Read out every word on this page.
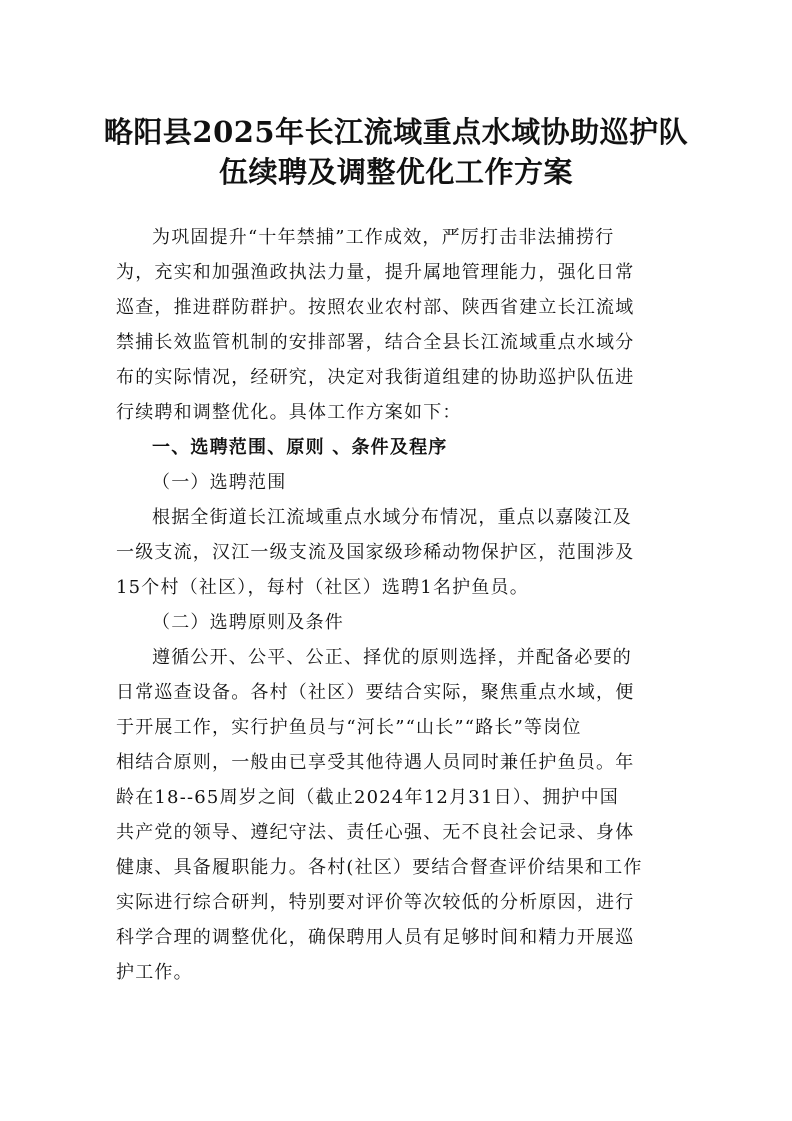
略阳县2025年长江流域重点水域协助巡护队
伍续聘及调整优化工作方案
为巩固提升“十年禁捕”工作成效，严厉打击非法捕捞行
为，充实和加强渔政执法力量，提升属地管理能力，强化日常
巡查，推进群防群护。按照农业农村部、陕西省建立长江流域
禁捕长效监管机制的安排部署，结合全县长江流域重点水域分
布的实际情况，经研究，决定对我街道组建的协助巡护队伍进
行续聘和调整优化。具体工作方案如下：
一、选聘范围、原则 、条件及程序
（一）选聘范围
根据全街道长江流域重点水域分布情况，重点以嘉陵江及
一级支流，汉江一级支流及国家级珍稀动物保护区，范围涉及
15个村（社区），每村（社区）选聘1名护鱼员。
（二）选聘原则及条件
遵循公开、公平、公正、择优的原则选择，并配备必要的
日常巡查设备。各村（社区）要结合实际，聚焦重点水域，便
于开展工作，实行护鱼员与“河长”“山长”“路长”等岗位
相结合原则，一般由已享受其他待遇人员同时兼任护鱼员。年
龄在18--65周岁之间（截止2024年12月31日）、拥护中国
共产党的领导、遵纪守法、责任心强、无不良社会记录、身体
健康、具备履职能力。各村(社区）要结合督查评价结果和工作
实际进行综合研判，特别要对评价等次较低的分析原因，进行
科学合理的调整优化，确保聘用人员有足够时间和精力开展巡
护工作。
